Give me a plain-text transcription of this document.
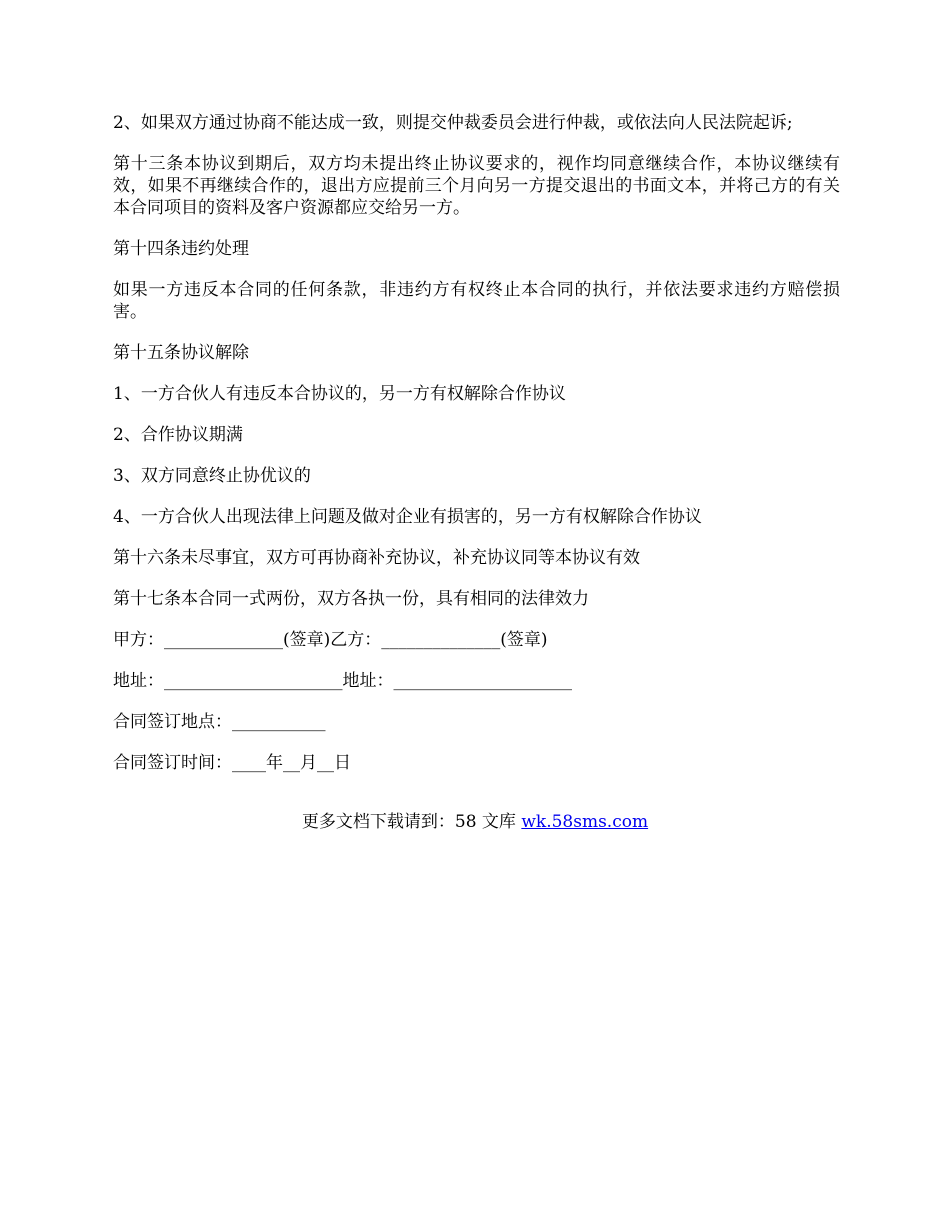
2、如果双方通过协商不能达成一致，则提交仲裁委员会进行仲裁，或依法向人民法院起诉;

第十三条本协议到期后，双方均未提出终止协议要求的，视作均同意继续合作，本协议继续有效，如果不再继续合作的，退出方应提前三个月向另一方提交退出的书面文本，并将己方的有关本合同项目的资料及客户资源都应交给另一方。

第十四条违约处理

如果一方违反本合同的任何条款，非违约方有权终止本合同的执行，并依法要求违约方赔偿损害。

第十五条协议解除

1、一方合伙人有违反本合协议的，另一方有权解除合作协议

2、合作协议期满

3、双方同意终止协优议的

4、一方合伙人出现法律上问题及做对企业有损害的，另一方有权解除合作协议

第十六条未尽事宜，双方可再协商补充协议，补充协议同等本协议有效

第十七条本合同一式两份，双方各执一份，具有相同的法律效力

甲方：______________(签章)乙方：______________(签章)

地址：_____________________地址：_____________________

合同签订地点：___________

合同签订时间：____年__月__日

更多文档下载请到：58 文库 wk.58sms.com
